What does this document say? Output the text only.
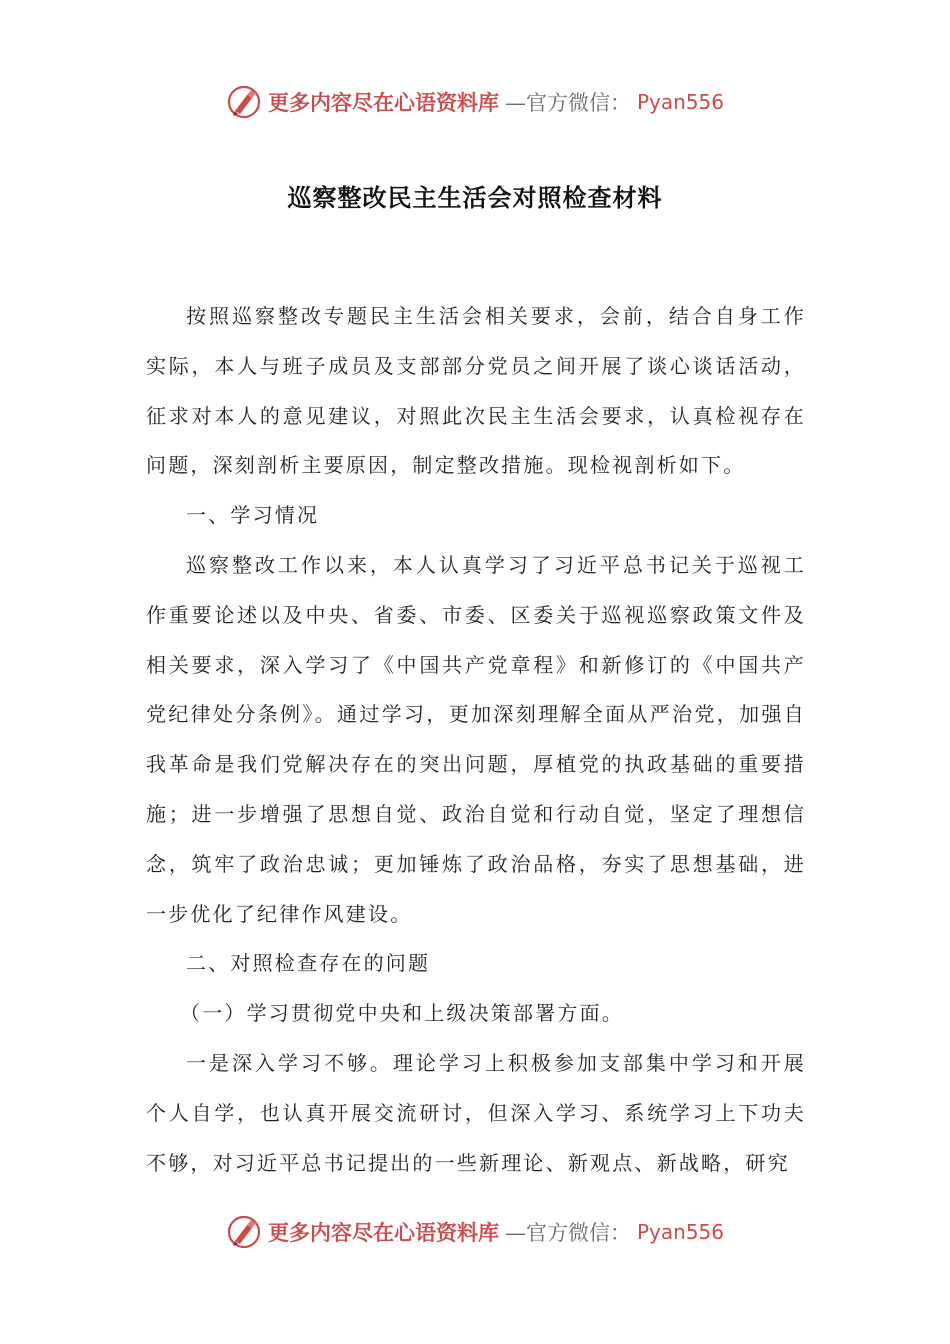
更多内容尽在心语资料库 —官方微信： Pyan556
巡察整改民主生活会对照检查材料

按照巡察整改专题民主生活会相关要求，会前，结合自身工作实际，本人与班子成员及支部部分党员之间开展了谈心谈话活动，征求对本人的意见建议，对照此次民主生活会要求，认真检视存在问题，深刻剖析主要原因，制定整改措施。现检视剖析如下。

一、学习情况

巡察整改工作以来，本人认真学习了习近平总书记关于巡视工作重要论述以及中央、省委、市委、区委关于巡视巡察政策文件及相关要求，深入学习了《中国共产党章程》和新修订的《中国共产党纪律处分条例》。通过学习，更加深刻理解全面从严治党，加强自我革命是我们党解决存在的突出问题，厚植党的执政基础的重要措施；进一步增强了思想自觉、政治自觉和行动自觉，坚定了理想信念，筑牢了政治忠诚；更加锤炼了政治品格，夯实了思想基础，进一步优化了纪律作风建设。

二、对照检查存在的问题

（一）学习贯彻党中央和上级决策部署方面。

一是深入学习不够。理论学习上积极参加支部集中学习和开展个人自学，也认真开展交流研讨，但深入学习、系统学习上下功夫不够，对习近平总书记提出的一些新理论、新观点、新战略，研究

更多内容尽在心语资料库 —官方微信： Pyan556
